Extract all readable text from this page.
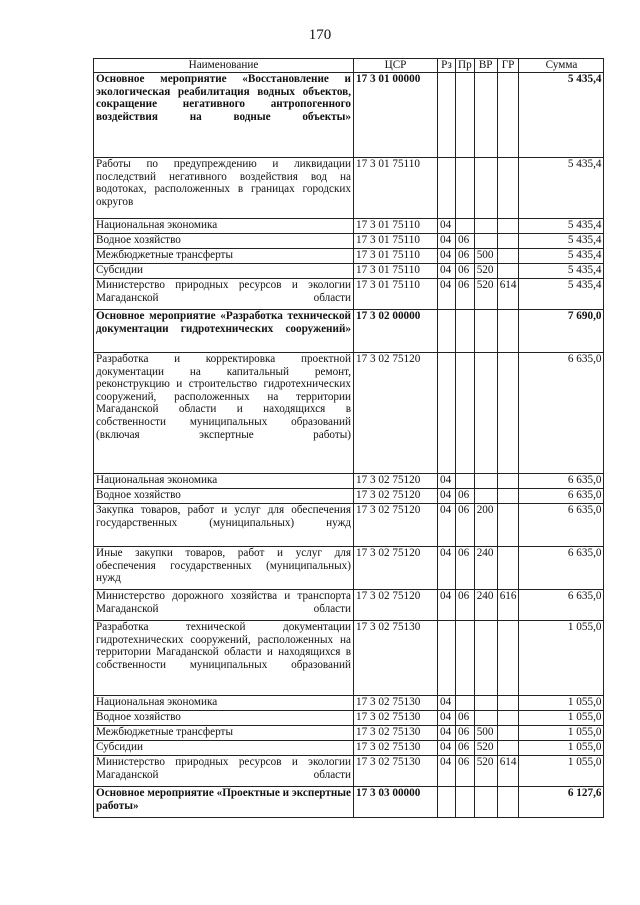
170
Наименование	ЦСР	Рз	Пр	ВР	ГР	Сумма
Основное мероприятие «Восстановление и экологическая реабилитация водных объектов, сокращение негативного антропогенного воздействия на водные объекты»	17 3 01 00000					5 435,4
Работы по предупреждению и ликвидации последствий негативного воздействия вод на водотоках, расположенных в границах городских округов	17 3 01 75110					5 435,4
Национальная экономика	17 3 01 75110	04				5 435,4
Водное хозяйство	17 3 01 75110	04	06			5 435,4
Межбюджетные трансферты	17 3 01 75110	04	06	500		5 435,4
Субсидии	17 3 01 75110	04	06	520		5 435,4
Министерство природных ресурсов и экологии Магаданской области	17 3 01 75110	04	06	520	614	5 435,4
Основное мероприятие «Разработка технической документации гидротехнических сооружений»	17 3 02 00000					7 690,0
Разработка и корректировка проектной документации на капитальный ремонт, реконструкцию и строительство гидротехнических сооружений, расположенных на территории Магаданской области и находящихся в собственности муниципальных образований (включая экспертные работы)	17 3 02 75120					6 635,0
Национальная экономика	17 3 02 75120	04				6 635,0
Водное хозяйство	17 3 02 75120	04	06			6 635,0
Закупка товаров, работ и услуг для обеспечения государственных (муниципальных) нужд	17 3 02 75120	04	06	200		6 635,0
Иные закупки товаров, работ и услуг для обеспечения государственных (муниципальных) нужд	17 3 02 75120	04	06	240		6 635,0
Министерство дорожного хозяйства и транспорта Магаданской области	17 3 02 75120	04	06	240	616	6 635,0
Разработка технической документации гидротехнических сооружений, расположенных на территории Магаданской области и находящихся в собственности муниципальных образований	17 3 02 75130					1 055,0
Национальная экономика	17 3 02 75130	04				1 055,0
Водное хозяйство	17 3 02 75130	04	06			1 055,0
Межбюджетные трансферты	17 3 02 75130	04	06	500		1 055,0
Субсидии	17 3 02 75130	04	06	520		1 055,0
Министерство природных ресурсов и экологии Магаданской области	17 3 02 75130	04	06	520	614	1 055,0
Основное мероприятие «Проектные и экспертные работы»	17 3 03 00000					6 127,6
